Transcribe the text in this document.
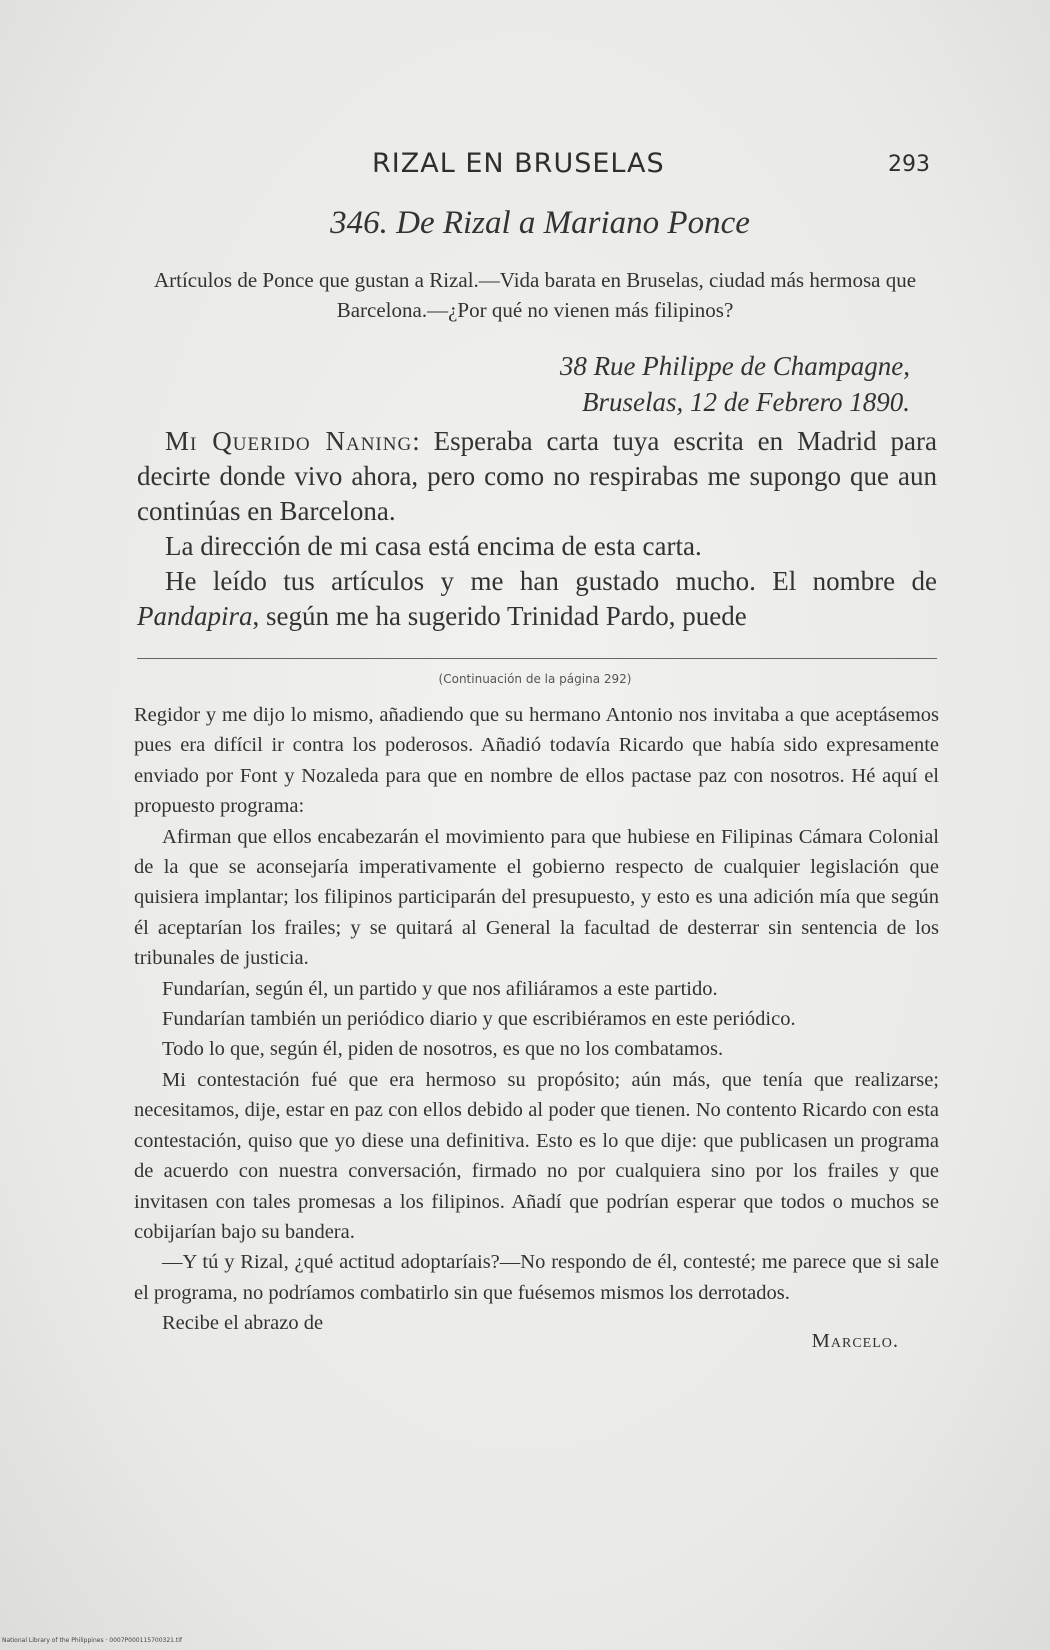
RIZAL EN BRUSELAS	293
346. De Rizal a Mariano Ponce
Artículos de Ponce que gustan a Rizal.—Vida barata en Bruselas, ciudad más hermosa que Barcelona.—¿Por qué no vienen más filipinos?
38 Rue Philippe de Champagne,
Bruselas, 12 de Febrero 1890.

Mi Querido Naning: Esperaba carta tuya escrita en Madrid para decirte donde vivo ahora, pero como no respirabas me supongo que aun continúas en Barcelona.

La dirección de mi casa está encima de esta carta.

He leído tus artículos y me han gustado mucho. El nombre de Pandapira, según me ha sugerido Trinidad Pardo, puede

(Continuación de la página 292)

Regidor y me dijo lo mismo, añadiendo que su hermano Antonio nos invitaba a que aceptásemos pues era difícil ir contra los poderosos. Añadió todavía Ricardo que había sido expresamente enviado por Font y Nozaleda para que en nombre de ellos pactase paz con nosotros. Hé aquí el propuesto programa:

Afirman que ellos encabezarán el movimiento para que hubiese en Filipinas Cámara Colonial de la que se aconsejaría imperativamente el gobierno respecto de cualquier legislación que quisiera implantar; los filipinos participarán del presupuesto, y esto es una adición mía que según él aceptarían los frailes; y se quitará al General la facultad de desterrar sin sentencia de los tribunales de justicia.

Fundarían, según él, un partido y que nos afiliáramos a este partido.

Fundarían también un periódico diario y que escribiéramos en este periódico.

Todo lo que, según él, piden de nosotros, es que no los combatamos.

Mi contestación fué que era hermoso su propósito; aún más, que tenía que realizarse; necesitamos, dije, estar en paz con ellos debido al poder que tienen. No contento Ricardo con esta contestación, quiso que yo diese una definitiva. Esto es lo que dije: que publicasen un programa de acuerdo con nuestra conversación, firmado no por cualquiera sino por los frailes y que invitasen con tales promesas a los filipinos. Añadí que podrían esperar que todos o muchos se cobijarían bajo su bandera.

—Y tú y Rizal, ¿qué actitud adoptaríais?—No respondo de él, contesté; me parece que si sale el programa, no podríamos combatirlo sin que fuésemos mismos los derrotados.

Recibe el abrazo de
Marcelo.
National Library of the Philippines · 0007P000115700321.tif
